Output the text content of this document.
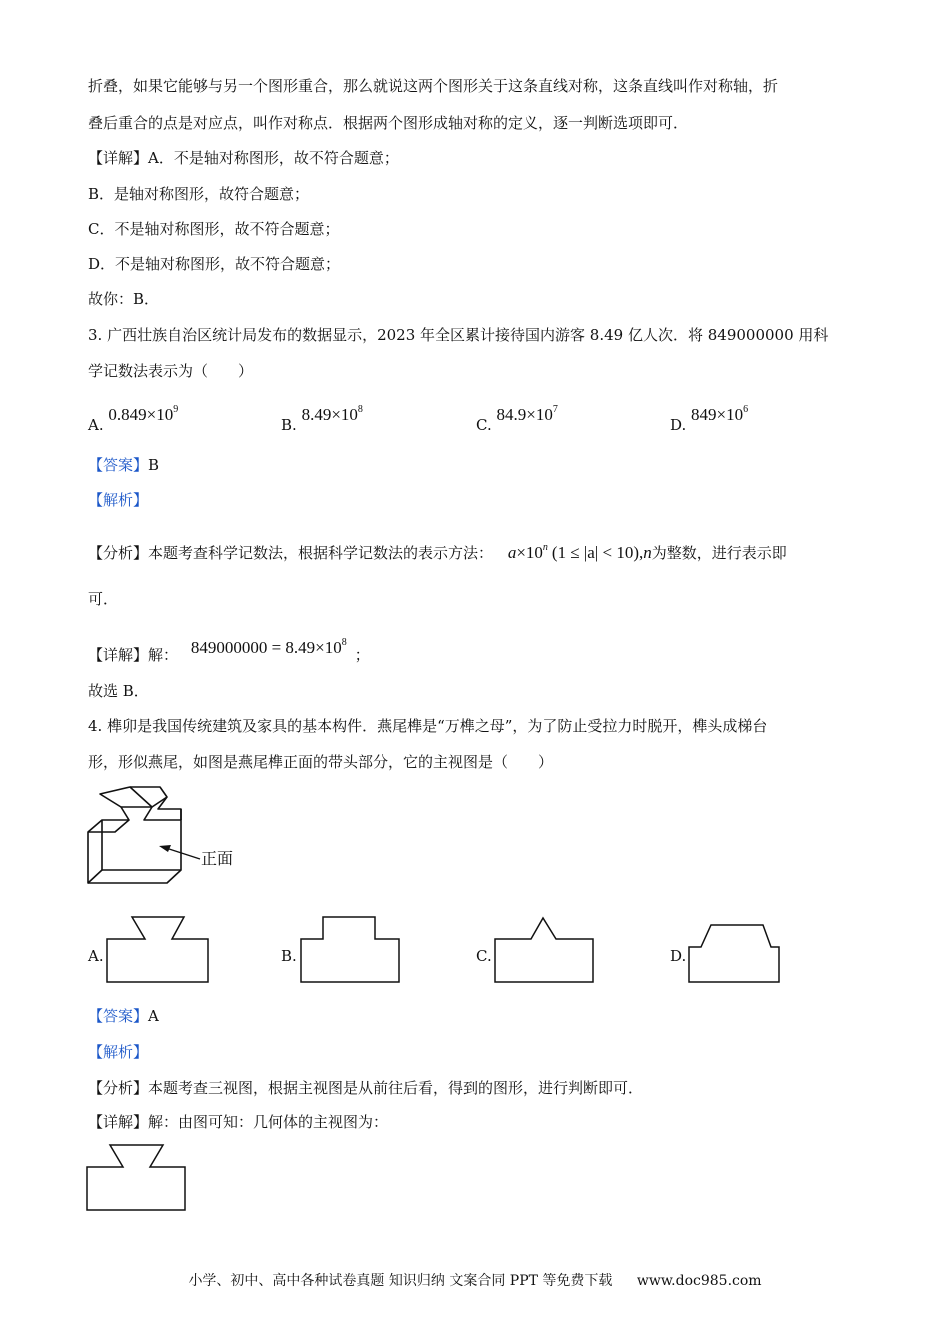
折叠，如果它能够与另一个图形重合，那么就说这两个图形关于这条直线对称，这条直线叫作对称轴，折
叠后重合的点是对应点，叫作对称点．根据两个图形成轴对称的定义，逐一判断选项即可．
【详解】A．不是轴对称图形，故不符合题意；
B．是轴对称图形，故符合题意；
C．不是轴对称图形，故不符合题意；
D．不是轴对称图形，故不符合题意；
故你：B．
3. 广西壮族自治区统计局发布的数据显示，2023 年全区累计接待国内游客 8.49 亿人次．将 849000000 用科
学记数法表示为（　　）
A. $0.849\times 10^9$
B. $8.49\times 10^8$
C. $84.9\times 10^7$
D. $849\times 10^6$
【答案】B
【解析】
【分析】本题考查科学记数法，根据科学记数法的表示方法： $a\times 10^n$ (1 ≤ |a| < 10),n为整数，进行表示即
可．
【详解】解： $849000000 = 8.49\times 10^8$；
故选 B．
4. 榫卯是我国传统建筑及家具的基本构件．燕尾榫是“万榫之母”，为了防止受拉力时脱开，榫头成梯台
形，形似燕尾，如图是燕尾榫正面的带头部分，它的主视图是（　　）
正面
A.	B.	C.	D.
【答案】A
【解析】
【分析】本题考查三视图，根据主视图是从前往后看，得到的图形，进行判断即可．
【详解】解：由图可知：几何体的主视图为：
小学、初中、高中各种试卷真题 知识归纳 文案合同 PPT 等免费下载 www.doc985.com
